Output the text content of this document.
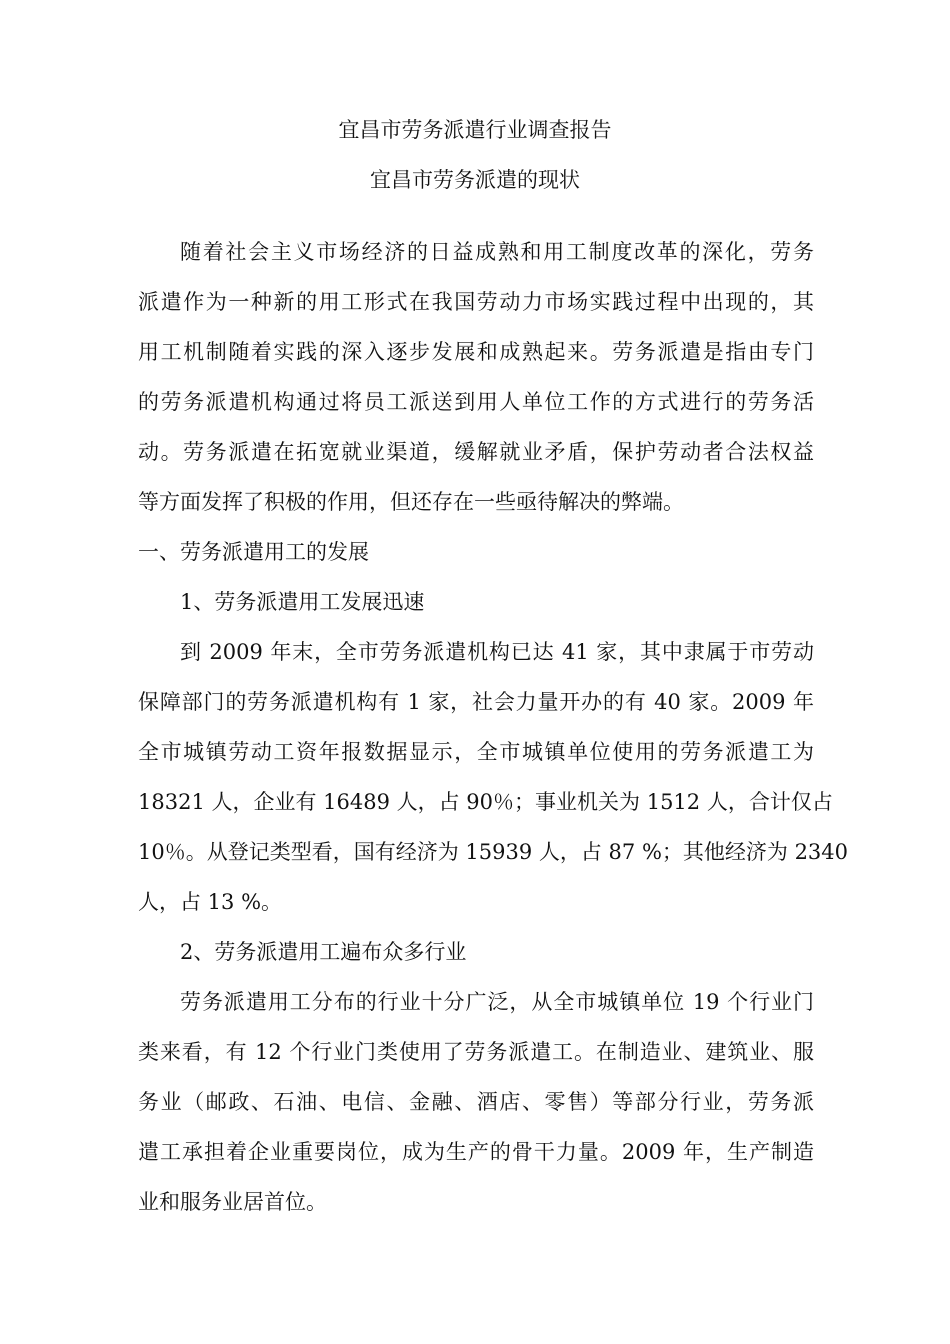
宜昌市劳务派遣行业调查报告
宜昌市劳务派遣的现状

随着社会主义市场经济的日益成熟和用工制度改革的深化，劳务

派遣作为一种新的用工形式在我国劳动力市场实践过程中出现的，其

用工机制随着实践的深入逐步发展和成熟起来。劳务派遣是指由专门

的劳务派遣机构通过将员工派送到用人单位工作的方式进行的劳务活

动。劳务派遣在拓宽就业渠道，缓解就业矛盾，保护劳动者合法权益

等方面发挥了积极的作用，但还存在一些亟待解决的弊端。

一、劳务派遣用工的发展

1、劳务派遣用工发展迅速

到 2009 年末，全市劳务派遣机构已达 41 家，其中隶属于市劳动

保障部门的劳务派遣机构有 1 家，社会力量开办的有 40 家。2009 年

全市城镇劳动工资年报数据显示，全市城镇单位使用的劳务派遣工为

18321 人，企业有 16489 人，占 90％；事业机关为 1512 人，合计仅占

10％。从登记类型看，国有经济为 15939 人，占 87 %；其他经济为 2340

人，占 13 %。

2、劳务派遣用工遍布众多行业

劳务派遣用工分布的行业十分广泛，从全市城镇单位 19 个行业门

类来看，有 12 个行业门类使用了劳务派遣工。在制造业、建筑业、服

务业（邮政、石油、电信、金融、酒店、零售）等部分行业，劳务派

遣工承担着企业重要岗位，成为生产的骨干力量。2009 年，生产制造

业和服务业居首位。
